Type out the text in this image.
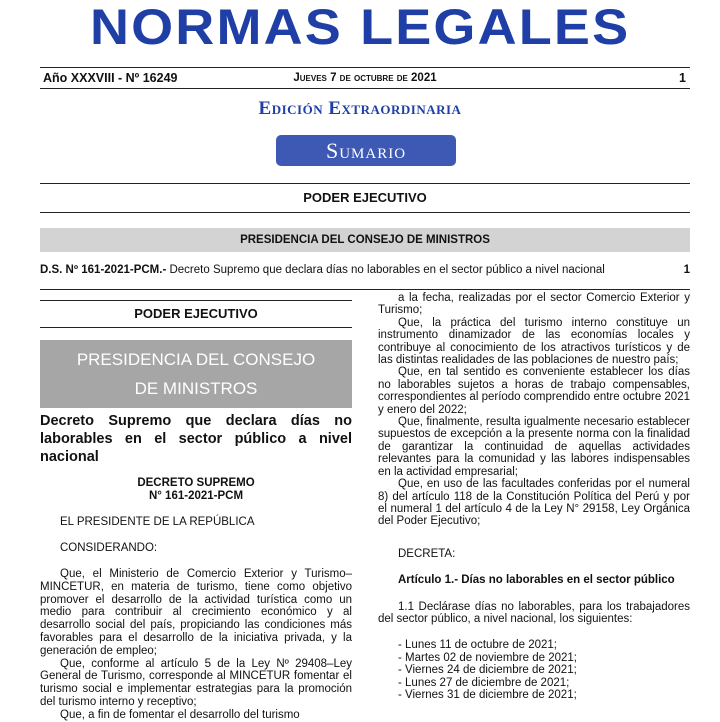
NORMAS LEGALES
Año XXXVIII - Nº 16249	Jueves 7 de octubre de 2021	1
Edición Extraordinaria
Sumario
PODER EJECUTIVO
PRESIDENCIA DEL CONSEJO DE MINISTROS
D.S. Nº 161-2021-PCM.- Decreto Supremo que declara días no laborables en el sector público a nivel nacional	1
PODER EJECUTIVO
PRESIDENCIA DEL CONSEJO
DE MINISTROS
Decreto Supremo que declara días no laborables en el sector público a nivel nacional
DECRETO SUPREMO
N° 161-2021-PCM

EL PRESIDENTE DE LA REPÚBLICA

CONSIDERANDO:

Que, el Ministerio de Comercio Exterior y Turismo–MINCETUR, en materia de turismo, tiene como objetivo promover el desarrollo de la actividad turística como un medio para contribuir al crecimiento económico y al desarrollo social del país, propiciando las condiciones más favorables para el desarrollo de la iniciativa privada, y la generación de empleo;

Que, conforme al artículo 5 de la Ley Nº 29408–Ley General de Turismo, corresponde al MINCETUR fomentar el turismo social e implementar estrategias para la promoción del turismo interno y receptivo;

Que, a fin de fomentar el desarrollo del turismo

a la fecha, realizadas por el sector Comercio Exterior y Turismo;

Que, la práctica del turismo interno constituye un instrumento dinamizador de las economías locales y contribuye al conocimiento de los atractivos turísticos y de las distintas realidades de las poblaciones de nuestro país;

Que, en tal sentido es conveniente establecer los días no laborables sujetos a horas de trabajo compensables, correspondientes al período comprendido entre octubre 2021 y enero del 2022;

Que, finalmente, resulta igualmente necesario establecer supuestos de excepción a la presente norma con la finalidad de garantizar la continuidad de aquellas actividades relevantes para la comunidad y las labores indispensables en la actividad empresarial;

Que, en uso de las facultades conferidas por el numeral 8) del artículo 118 de la Constitución Política del Perú y por el numeral 1 del artículo 4 de la Ley N° 29158, Ley Orgánica del Poder Ejecutivo;

DECRETA:

Artículo 1.- Días no laborables en el sector público

1.1 Declárase días no laborables, para los trabajadores del sector público, a nivel nacional, los siguientes:

- Lunes 11 de octubre de 2021;
- Martes 02 de noviembre de 2021;
- Viernes 24 de diciembre de 2021;
- Lunes 27 de diciembre de 2021;
- Viernes 31 de diciembre de 2021;
